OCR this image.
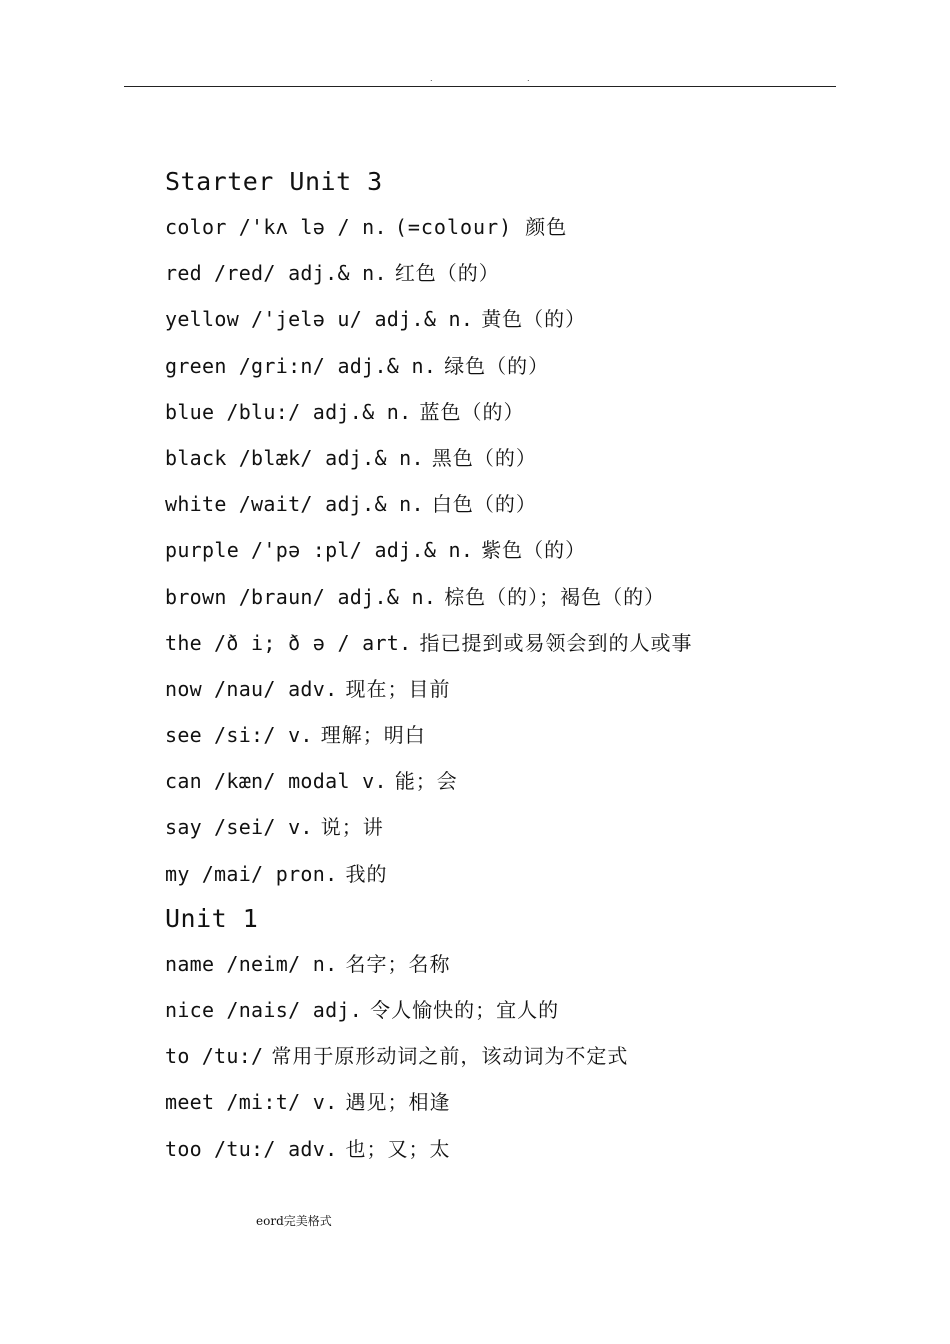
.	.
Starter Unit 3
color /'kʌ lə / n. (=colour) 颜色
red /red/ adj.& n. 红色（的）
yellow /'jelə u/ adj.& n. 黄色（的）
green /gri:n/ adj.& n. 绿色（的）
blue /blu:/ adj.& n. 蓝色（的）
black /blæk/ adj.& n. 黑色（的）
white /wait/ adj.& n. 白色（的）
purple /'pə :pl/ adj.& n. 紫色（的）
brown /braun/ adj.& n. 棕色（的）；褐色（的）
the /ð i; ð ə / art. 指已提到或易领会到的人或事
now /nau/ adv. 现在；目前
see /si:/ v. 理解；明白
can /kæn/ modal v. 能；会
say /sei/ v. 说；讲
my /mai/ pron. 我的
Unit 1
name /neim/ n. 名字；名称
nice /nais/ adj. 令人愉快的；宜人的
to /tu:/ 常用于原形动词之前，该动词为不定式
meet /mi:t/ v. 遇见；相逢
too /tu:/ adv. 也；又；太
eord完美格式
